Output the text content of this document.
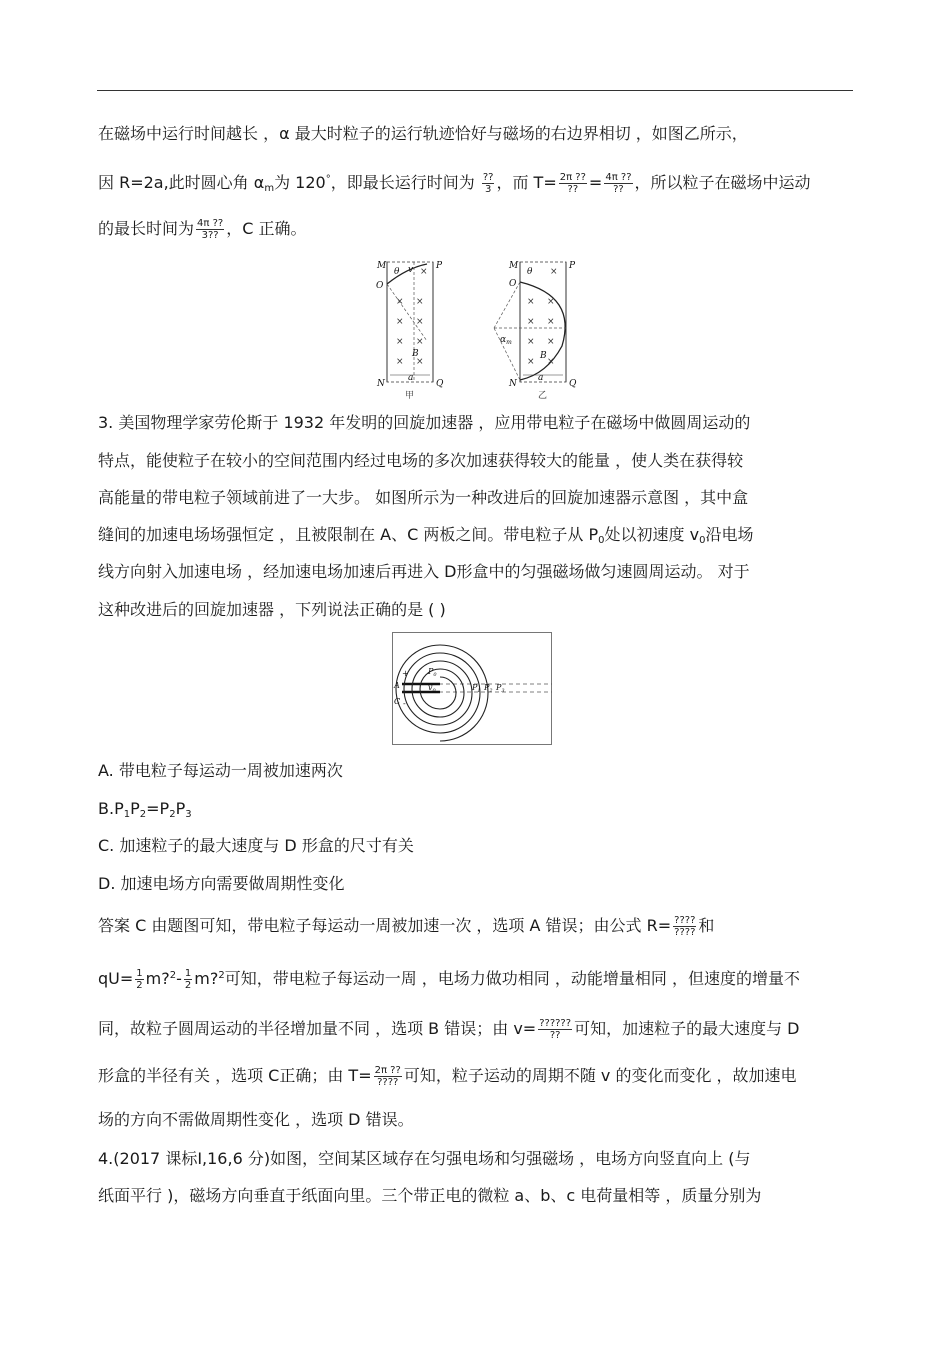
在磁场中运行时间越长 ，α 最大时粒子的运行轨迹恰好与磁场的右边界相切 ，如图乙所示，
因 R=2a,此时圆心角 $\alpha_m$为 120°，即最长运行时间为 $\frac{??}{3}$ ，而 $T= \frac{2\pi ??}{??} = \frac{4\pi ??}{??}$ ，所以粒子在磁场中运动
的最长时间为 $\frac{4\pi ??}{3??}$ ，C 正确。
× ×
× ×
× ×
× ×
×
M	P
O
N	Q
B
a
v
θ
甲
× ×
× ×
× ×
× ×
×
M	P
O
N	Q
B
a
θ
$\alpha_m$
乙
3. 美国物理学家劳伦斯于 1932 年发明的回旋加速器 ，应用带电粒子在磁场中做圆周运动的
特点，能使粒子在较小的空间范围内经过电场的多次加速获得较大的能量 ，使人类在获得较
高能量的带电粒子领域前进了一大步。 如图所示为一种改进后的回旋加速器示意图 ，其中盒
缝间的加速电场场强恒定 ，且被限制在 A、C 两板之间。带电粒子从 $P_0$处以初速度 $v_0$沿电场
线方向射入加速电场 ，经加速电场加速后再进入 D形盒中的匀强磁场做匀速圆周运动。 对于
这种改进后的回旋加速器 ，下列说法正确的是 ( )
+
A
C -
$P_0$
$v_0$	$P_1$ $P_2$ $P_3$
A. 带电粒子每运动一周被加速两次
$B.P_1P_2=P_2P_3$
C. 加速粒子的最大速度与 D 形盒的尺寸有关
D. 加速电场方向需要做周期性变化
答案 C 由题图可知，带电粒子每运动一周被加速一次 ，选项 A 错误；由公式 $R= \frac{????}{????}$ 和
$qU= \frac{1}{2}$ m?$^2$- $\frac{1}{2}$ m?$^2$可知，带电粒子每运动一周 ，电场力做功相同 ，动能增量相同 ，但速度的增量不
同，故粒子圆周运动的半径增加量不同 ，选项 B 错误；由 $v= \frac{??????}{??}$ 可知，加速粒子的最大速度与 D
形盒的半径有关 ，选项 C正确；由 $T= \frac{2\pi ??}{????}$ 可知，粒子运动的周期不随 v 的变化而变化 ，故加速电
场的方向不需做周期性变化 ，选项 D 错误。
4.(2017 课标Ⅰ,16,6 分)如图，空间某区域存在匀强电场和匀强磁场 ，电场方向竖直向上 (与
纸面平行 )，磁场方向垂直于纸面向里。三个带正电的微粒 a、b、c 电荷量相等 ，质量分别为
